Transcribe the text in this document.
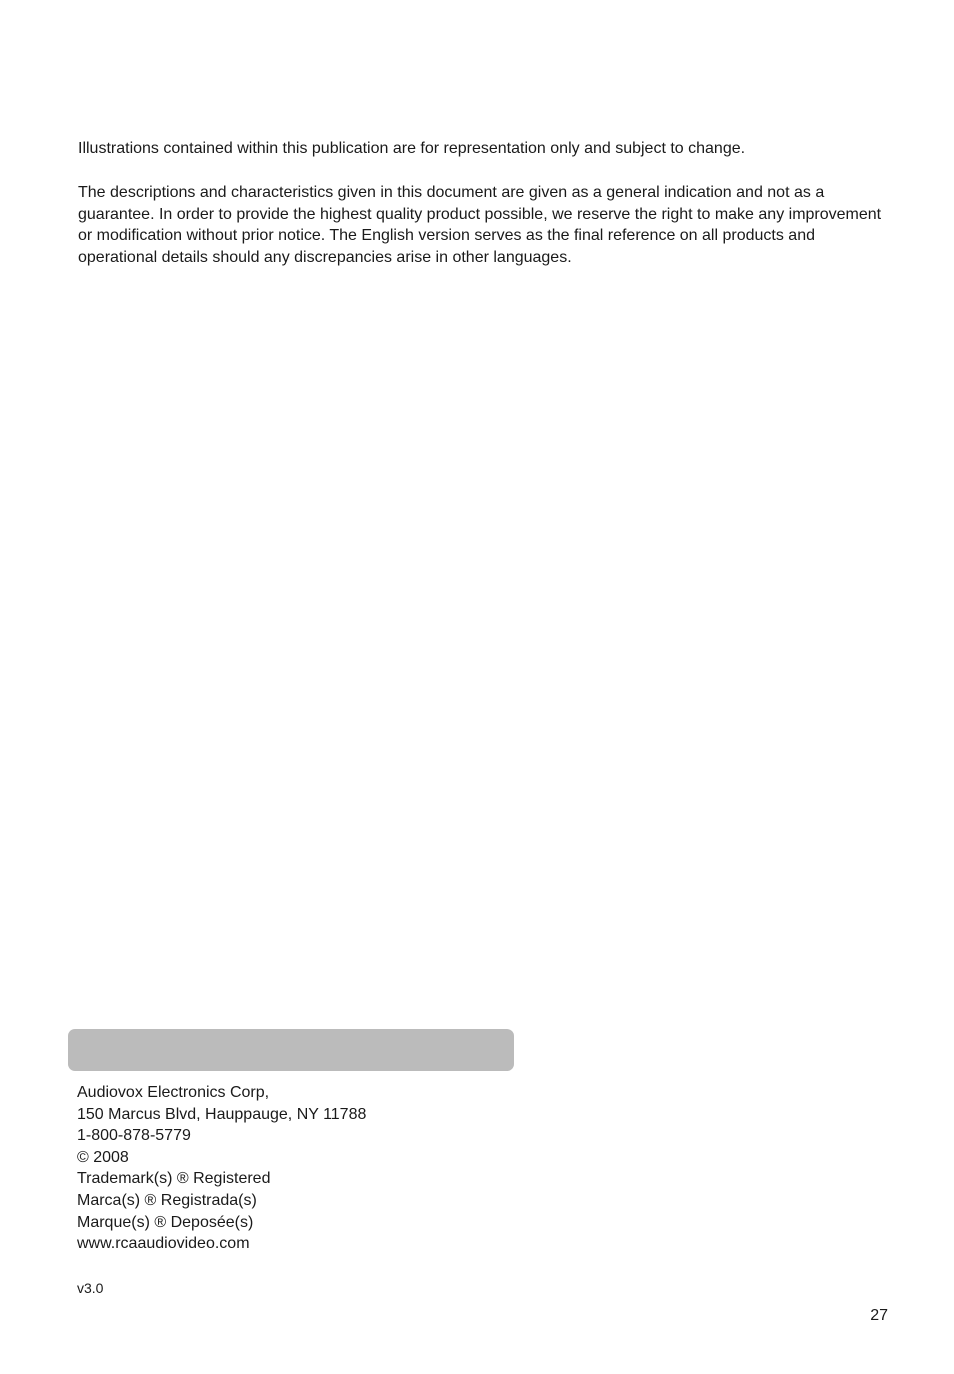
Illustrations contained within this publication are for representation only and subject to change.

The descriptions and characteristics given in this document are given as a general indication and not as a guarantee. In order to provide the highest quality product possible, we reserve the right to make any improvement or modification without prior notice. The English version serves as the final reference on all products and operational details should any discrepancies arise in other languages.

Audiovox Electronics Corp,
150 Marcus Blvd, Hauppauge, NY 11788
1-800-878-5779
© 2008
Trademark(s) ® Registered
Marca(s) ® Registrada(s)
Marque(s) ® Deposée(s)
www.rcaaudiovideo.com
v3.0
27
